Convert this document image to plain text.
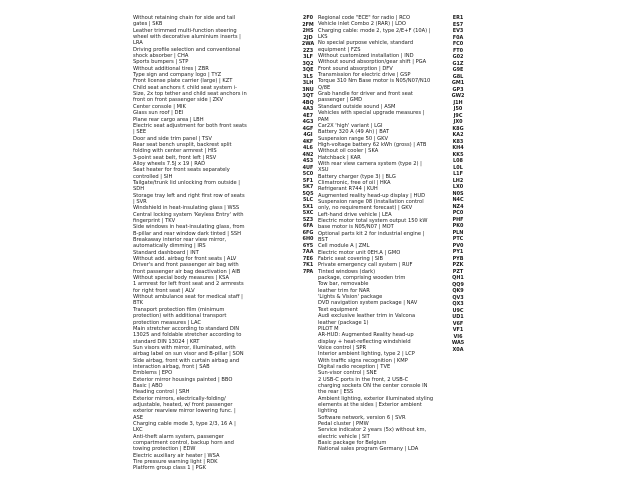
Without retaining chain for side and tail
gates | SKB
Leather trimmed multi-function steering
wheel with decorative aluminium inserts |
LRA
Driving profile selection and conventional
shock absorber | CHA
Sports bumpers | STP
Without additional tires | ZBR
Type sign and company logo | TYZ
Front license plate carrier (large) | KZT
Child seat anchors f. child seat system i-
Size, 2x top tether and child seat anchors in
front on front passenger side | ZKV
Center console | MIK
Glass sun roof | DEI
Plane rear cargo area | LBH
Electric seat adjustment for both front seats
| SEE
Door and side trim panel | TSV
Rear seat bench unsplit, backrest split
folding with center armrest | HIS
3-point seat belt, front left | RSV
Alloy wheels 7.5J x 19 | RAD
Seat heater for front seats separately
controlled | SIH
Tailgate/trunk lid unlocking from outside |
SDH
Storage tray left and right first row of seats
| SVR
Windshield in heat-insulating glass | WSS
Central locking system 'Keyless Entry' with
fingerprint | TKV
Side windows in heat-insulating glass, from
B-pillar and rear window dark tinted | SSH
Breakaway interior rear view mirror,
automatically dimming | IRS
Standard dashboard | INT
Without add. airbag for front seats | ALV
Driver's and front passenger air bag with
front passenger air bag deactivation | AIB
Without special body measures | KSA
1 armrest for left front seat and 2 armrests
for right front seat | ALV
Without ambulance seat for medical staff |
BTK
Transport protection film (minimum
protection) with additional transport
protection measures | LAC
Main stretcher according to standard DIN
13025 and foldable stretcher according to
standard DIN 13024 | KRT
Sun visors with mirror, illuminated, with
airbag label on sun visor and B-pillar | SON
Side airbag, front with curtain airbag and
interaction airbag, front | SAB
Emblems | EPO
Exterior mirror housings painted | BBO
Basic | ABO
Heading control | SRH
Exterior mirrors, electrically-folding/
adjustable, heated, w/ front passenger
exterior rearview mirror lowering func. |
ASE
Charging cable mode 3, type 2/3, 16 A |
LKC
Anti-theft alarm system, passenger
compartment control, backup horn and
towing protection | EDW
Electric auxiliary air heater | WSA
Tire pressure warning light | RDK
Platform group class 1 | PGK
2F0
2FM
2HS
2JD
2WA
2Z3
3LF
3Q2
3QE
3L5
3LH
3NU
3QT
4BQ
4A3
4E7
4G3
4GF
4GI
4KF
4L6
4N2
4S3
4UF
5C0
5F1
5K7
5Q5
5LC
5X1
5XC
5Z3
6FA
6FG
6H0
6Y5
7AA
7E6
7K1
7PA
Regional code "ECE" for radio | RCO
Vehicle inlet Combo 2 (RAR) | LDO
Charging cable: mode 2, type 2/E+F (10A) |
LKS
No special purpose vehicle, standard
equipment | FZS
Without customized installation | IND
Without sound absorption/gear shift | PGA
Front sound absorption | DFV
Transmission for electric drive | GSP
Torque 310 Nm Base motor is N05/N07/N10
Q/8E
Grab handle for driver and front seat
passenger | GMD
Standard outside sound | ASM
Vehicles with special upgrade measures |
PAM
Car2X 'high' variant | LGI
Battery 320 A (49 Ah) | BAT
Suspension range 50 | GKV
High-voltage battery 62 kWh (gross) | ATB
Without oil cooler | SKA
Hatchback | KAR
With rear view camera system (type 2) |
XSU
Battery charger (type 3) | BLG
Climatronic, free of oil | HKA
Refrigerant R744 | KUH
Augmented reality head-up display | HUD
Suspension range 08 (installation control
only, no requirement forecast) | GKV
Left-hand drive vehicle | LEA
Electric motor total system output 150 kW
base motor is N05/N07 | MOT
Optional parts kit 2 for industrial engine |
BST
Cell module A | ZML
Electric motor unit 0EH.A | GMO
Fabric seat covering | SIB
Private emergency call system | RUF
Tinted windows (dark)
package, comprising wooden trim
Tow bar, removable
leather trim for NAR
'Lights & Vision' package
DVD navigation system package | NAV
Text equipment
Audi exclusive leather trim in Valcona
leather (package 1)
PILOT M
AR-HUD: Augmented Reality head-up
display + heat-reflecting windshield
Voice control | SPR
Interior ambient lighting, type 2 | LCP
With traffic signs recognition | KMP
Digital radio reception | TVE
Sun-visor control | SNE
2 USB-C ports in the front, 2 USB-C
charging sockets ON the center console IN
the rear | ESS
Ambient lighting, exterior illuminated styling
elements at the sides | Exterior ambient
lighting
Software network, version 6 | SVR
Pedal cluster | PMW
Service indicator 2 years (5x) without km,
electric vehicle | SIT
Basic package for Belgium
National sales program Germany | LDA
ER1
ES7
EV3
F0A
FC0
FT0
G02
G1Z
G9E
G8L
GM1
GP3
GW2
J1H
J50
J9C
JX0
K8G
KA2
K83
KH4
KK5
L08
L0L
L1F
LH2
LX0
N0S
N4C
NZ4
PC0
PHF
PK0
PLN
PTC
PV0
PY1
PYB
PZK
PZT
QH1
QQ9
QK9
QV3
QX3
U9C
UD1
V6F
VF1
VI6
WA5
X0A
